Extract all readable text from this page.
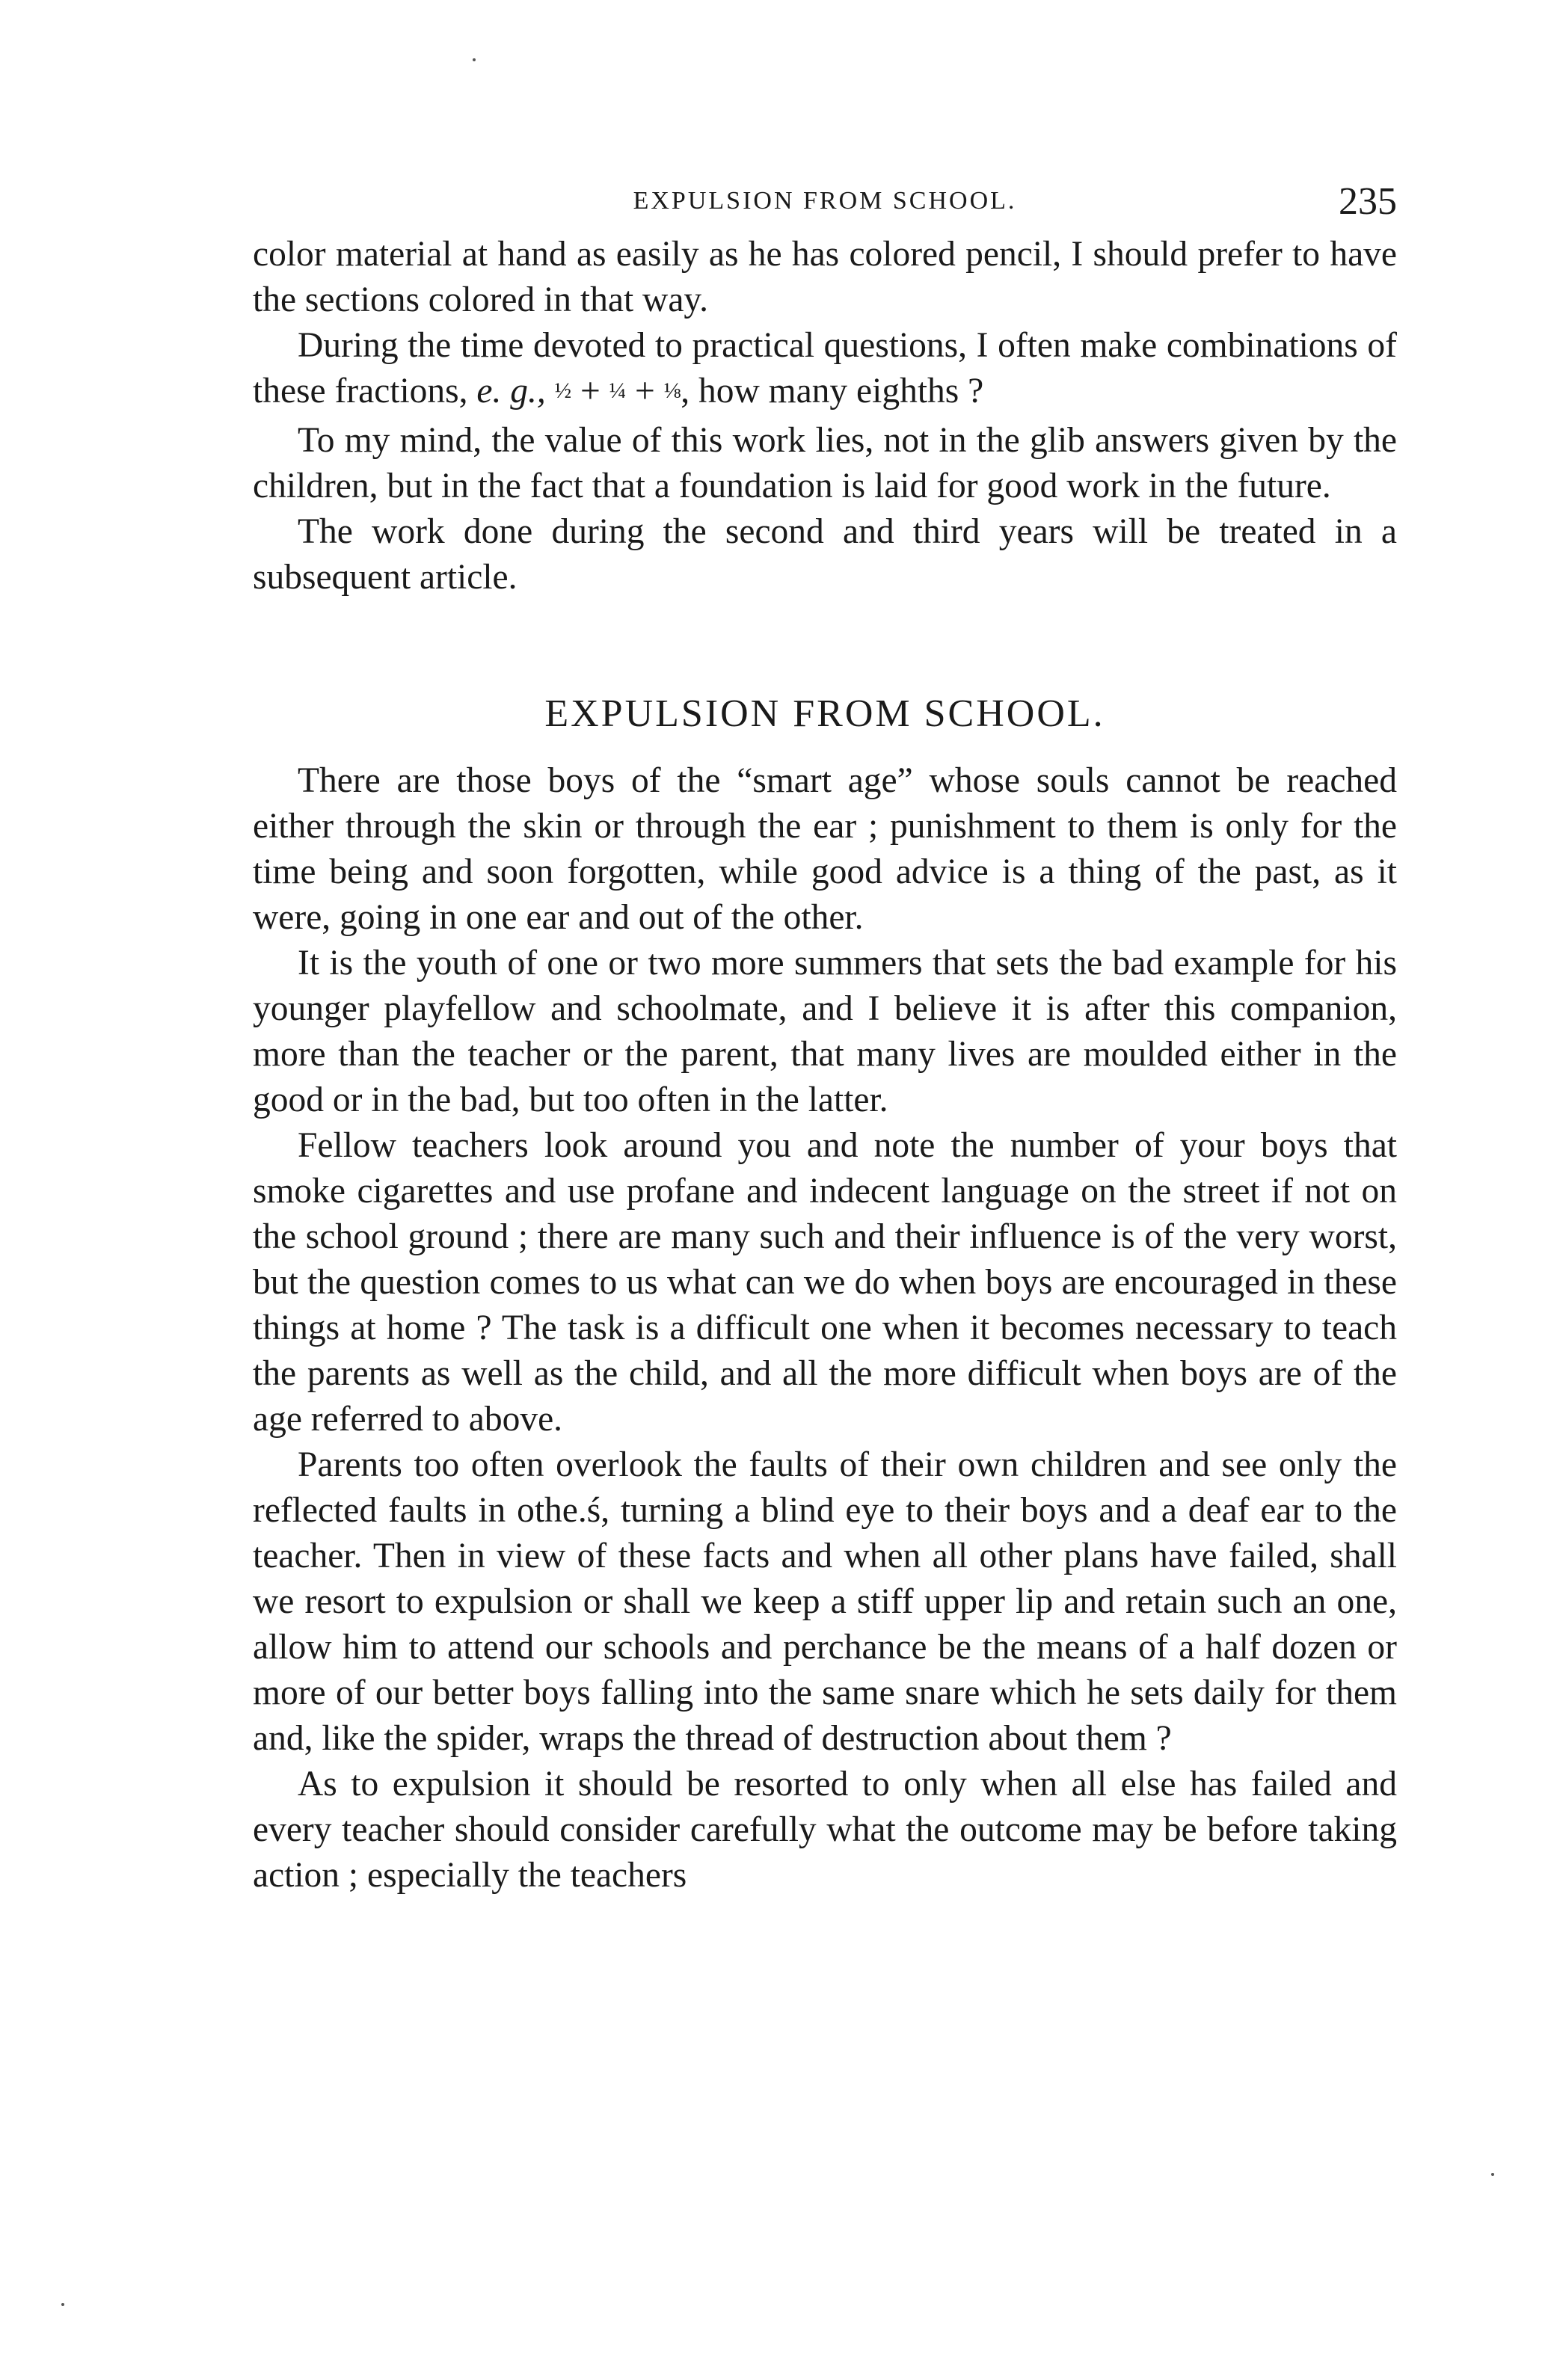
EXPULSION FROM SCHOOL.	235

color material at hand as easily as he has colored pencil, I should prefer to have the sections colored in that way.

During the time devoted to practical questions, I often make combinations of these fractions, e. g., ½ + ¼ + ⅛, how many eighths ?

To my mind, the value of this work lies, not in the glib answers given by the children, but in the fact that a foundation is laid for good work in the future.

The work done during the second and third years will be treated in a subsequent article.

EXPULSION FROM SCHOOL.

There are those boys of the “smart age” whose souls cannot be reached either through the skin or through the ear ; punishment to them is only for the time being and soon forgotten, while good advice is a thing of the past, as it were, going in one ear and out of the other.

It is the youth of one or two more summers that sets the bad example for his younger playfellow and schoolmate, and I believe it is after this companion, more than the teacher or the parent, that many lives are moulded either in the good or in the bad, but too often in the latter.

Fellow teachers look around you and note the number of your boys that smoke cigarettes and use profane and indecent language on the street if not on the school ground ; there are many such and their influence is of the very worst, but the question comes to us what can we do when boys are encouraged in these things at home ? The task is a difficult one when it becomes necessary to teach the parents as well as the child, and all the more difficult when boys are of the age referred to above.

Parents too often overlook the faults of their own children and see only the reflected faults in othe.ś, turning a blind eye to their boys and a deaf ear to the teacher. Then in view of these facts and when all other plans have failed, shall we resort to expulsion or shall we keep a stiff upper lip and retain such an one, allow him to attend our schools and perchance be the means of a half dozen or more of our better boys falling into the same snare which he sets daily for them and, like the spider, wraps the thread of destruction about them ?

As to expulsion it should be resorted to only when all else has failed and every teacher should consider carefully what the outcome may be before taking action ; especially the teachers
